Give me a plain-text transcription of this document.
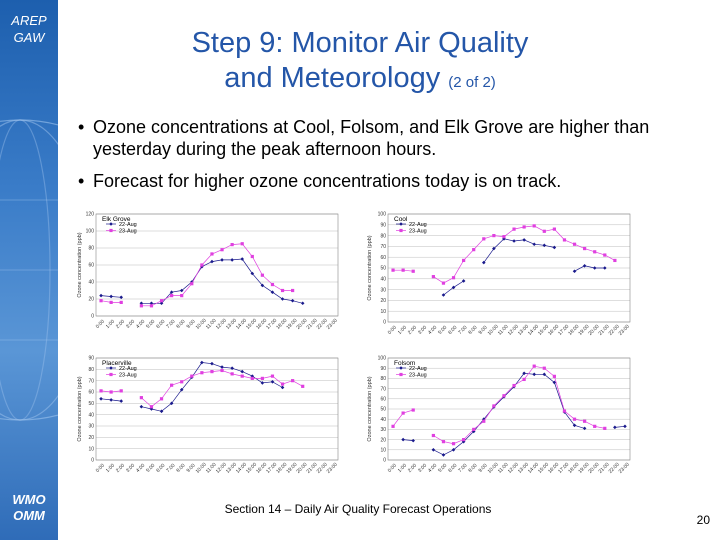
AREP
GAW
WMO
OMM
Step 9: Monitor Air Quality
and Meteorology (2 of 2)
• Ozone concentrations at Cool, Folsom, and Elk Grove are higher than yesterday during the peak afternoon hours.
• Forecast for higher ozone concentrations today is on track.
0
20
40
60
80
100
120
0:00
1:00
2:00
3:00
4:00
5:00
6:00
7:00
8:00
9:00
10:00
11:00
12:00
13:00
14:00
15:00
16:00
17:00
18:00
19:00
20:00
21:00
22:00
23:00
Ozone concentration (ppb)
22-Aug
23-Aug
Elk Grove
0
10
20
30
40
50
60
70
80
90
100
0:00
1:00
2:00
3:00
4:00
5:00
6:00
7:00
8:00
9:00
10:00
11:00
12:00
13:00
14:00
15:00
16:00
17:00
18:00
19:00
20:00
21:00
22:00
23:00
Ozone concentration (ppb)
22-Aug
23-Aug
Cool
0
10
20
30
40
50
60
70
80
90
0:00
1:00
2:00
3:00
4:00
5:00
6:00
7:00
8:00
9:00
10:00
11:00
12:00
13:00
14:00
15:00
16:00
17:00
18:00
19:00
20:00
21:00
22:00
23:00
Ozone concentration (ppb)
22-Aug
23-Aug
Placerville
0
10
20
30
40
50
60
70
80
90
100
0:00
1:00
2:00
3:00
4:00
5:00
6:00
7:00
8:00
9:00
10:00
11:00
12:00
13:00
14:00
15:00
16:00
17:00
18:00
19:00
20:00
21:00
22:00
23:00
Ozone concentration (ppb)
22-Aug
23-Aug
Folsom
Section 14 – Daily Air Quality Forecast Operations
20
